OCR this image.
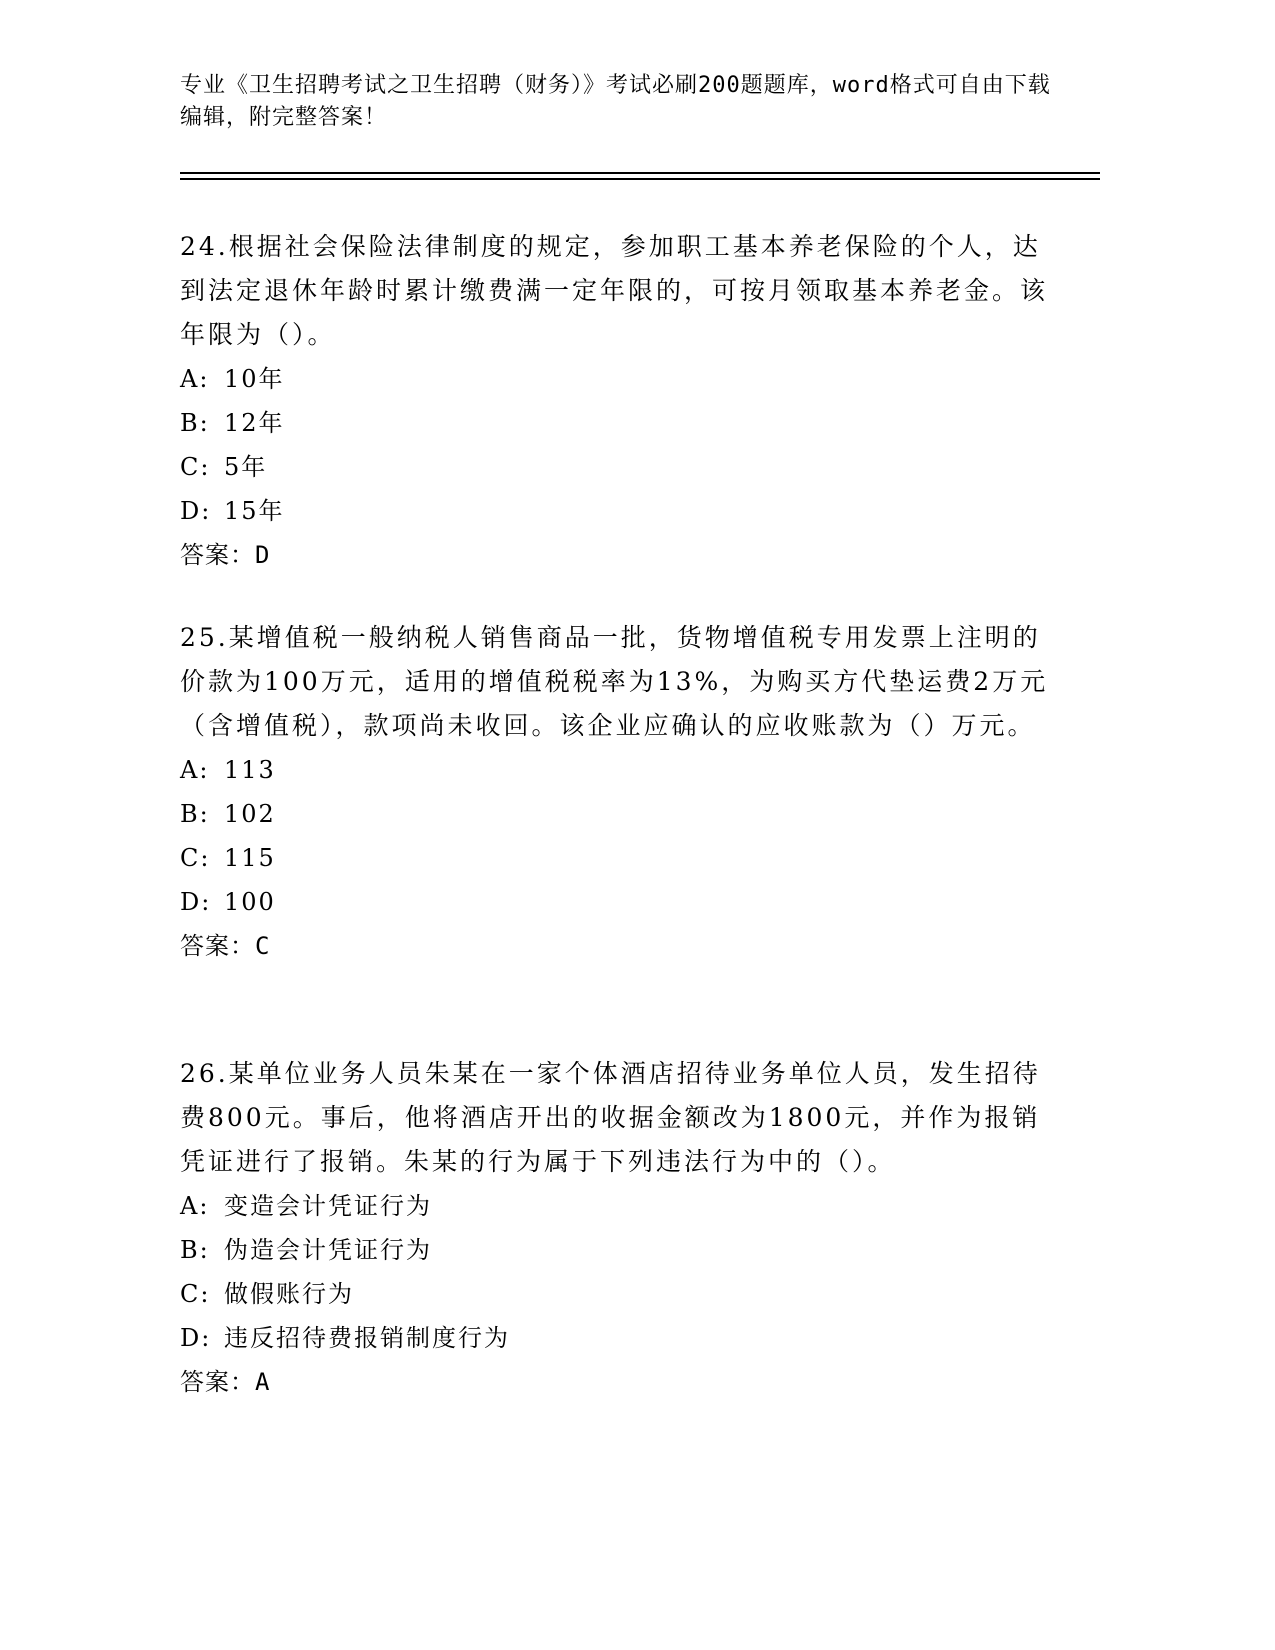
专业《卫生招聘考试之卫生招聘（财务）》考试必刷200题题库，word格式可自由下载编辑，附完整答案！

24.根据社会保险法律制度的规定，参加职工基本养老保险的个人，达到法定退休年龄时累计缴费满一定年限的，可按月领取基本养老金。该年限为（）。

A: 10年

B: 12年

C: 5年

D: 15年

答案：D

25.某增值税一般纳税人销售商品一批，货物增值税专用发票上注明的价款为100万元，适用的增值税税率为13%，为购买方代垫运费2万元（含增值税），款项尚未收回。该企业应确认的应收账款为（）万元。

A: 113

B: 102

C: 115

D: 100

答案：C

26.某单位业务人员朱某在一家个体酒店招待业务单位人员，发生招待费800元。事后，他将酒店开出的收据金额改为1800元，并作为报销凭证进行了报销。朱某的行为属于下列违法行为中的（）。

A: 变造会计凭证行为

B: 伪造会计凭证行为

C: 做假账行为

D: 违反招待费报销制度行为

答案：A
